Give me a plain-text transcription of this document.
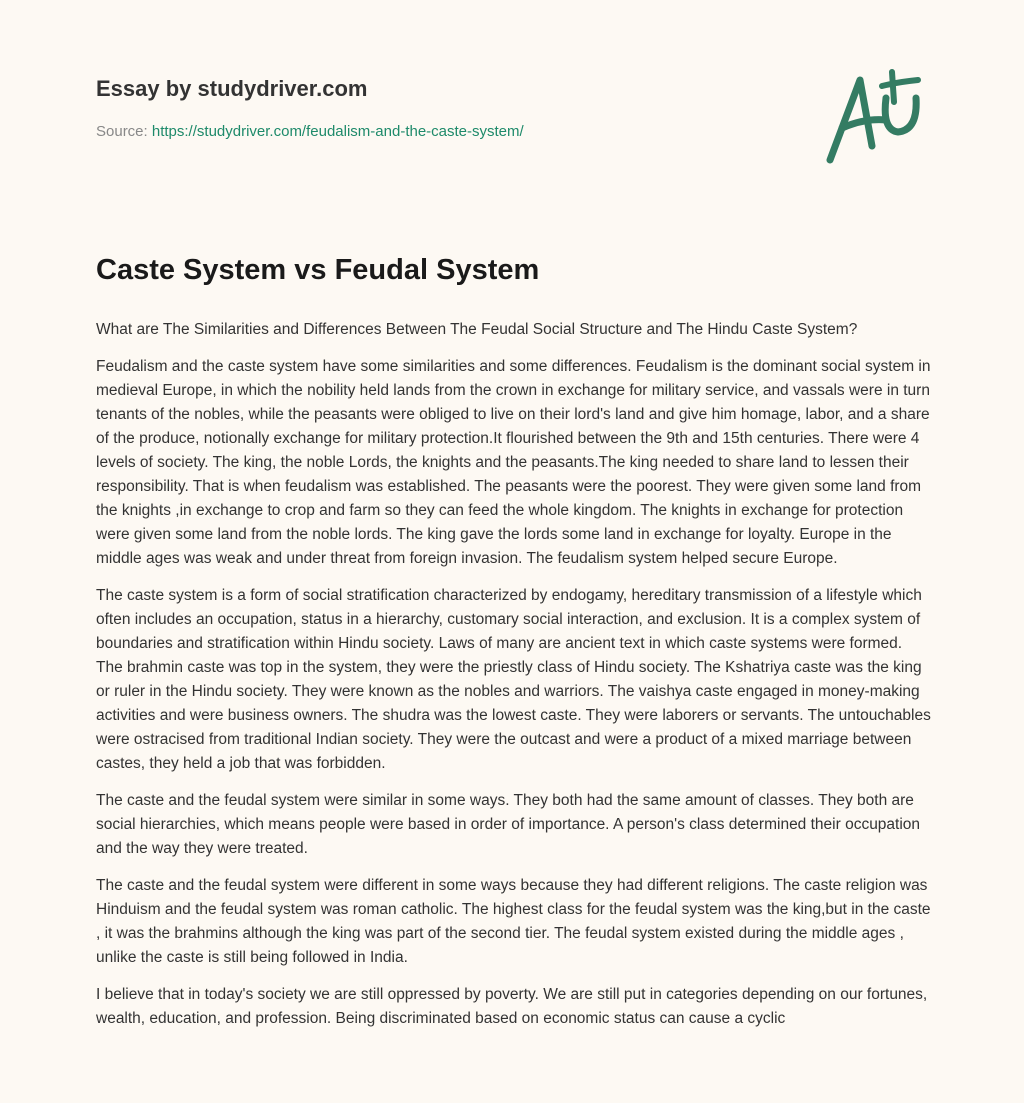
Essay by studydriver.com
Source: https://studydriver.com/feudalism-and-the-caste-system/
Caste System vs Feudal System

What are The Similarities and Differences Between The Feudal Social Structure and The Hindu Caste System?

Feudalism and the caste system have some similarities and some differences. Feudalism is the dominant social system in medieval Europe, in which the nobility held lands from the crown in exchange for military service, and vassals were in turn tenants of the nobles, while the peasants were obliged to live on their lord's land and give him homage, labor, and a share of the produce, notionally exchange for military protection.It flourished between the 9th and 15th centuries. There were 4 levels of society. The king, the noble Lords, the knights and the peasants.The king needed to share land to lessen their responsibility. That is when feudalism was established. The peasants were the poorest. They were given some land from the knights ,in exchange to crop and farm so they can feed the whole kingdom. The knights in exchange for protection were given some land from the noble lords. The king gave the lords some land in exchange for loyalty. Europe in the middle ages was weak and under threat from foreign invasion. The feudalism system helped secure Europe.

The caste system is a form of social stratification characterized by endogamy, hereditary transmission of a lifestyle which often includes an occupation, status in a hierarchy, customary social interaction, and exclusion. It is a complex system of boundaries and stratification within Hindu society. Laws of many are ancient text in which caste systems were formed. The brahmin caste was top in the system, they were the priestly class of Hindu society. The Kshatriya caste was the king or ruler in the Hindu society. They were known as the nobles and warriors. The vaishya caste engaged in money-making activities and were business owners. The shudra was the lowest caste. They were laborers or servants. The untouchables were ostracised from traditional Indian society. They were the outcast and were a product of a mixed marriage between castes, they held a job that was forbidden.

The caste and the feudal system were similar in some ways. They both had the same amount of classes. They both are social hierarchies, which means people were based in order of importance. A person's class determined their occupation and the way they were treated.

The caste and the feudal system were different in some ways because they had different religions. The caste religion was Hinduism and the feudal system was roman catholic. The highest class for the feudal system was the king,but in the caste , it was the brahmins although the king was part of the second tier. The feudal system existed during the middle ages , unlike the caste is still being followed in India.

I believe that in today's society we are still oppressed by poverty. We are still put in categories depending on our fortunes, wealth, education, and profession. Being discriminated based on economic status can cause a cyclic
